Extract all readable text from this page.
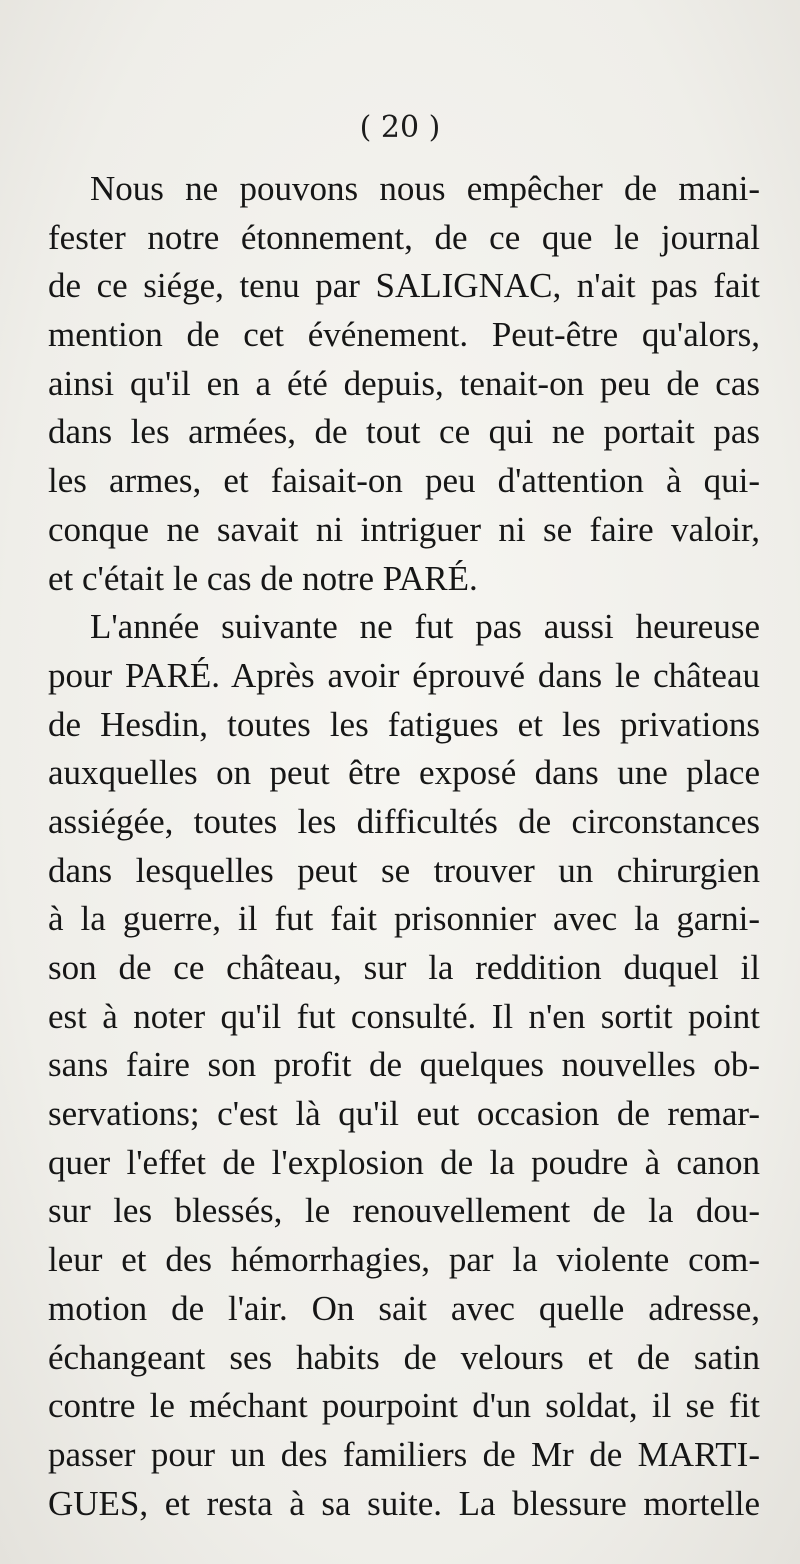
( 20 )
Nous ne pouvons nous empêcher de mani-
fester notre étonnement, de ce que le journal
de ce siége, tenu par SALIGNAC, n'ait pas fait
mention de cet événement. Peut-être qu'alors,
ainsi qu'il en a été depuis, tenait-on peu de cas
dans les armées, de tout ce qui ne portait pas
les armes, et faisait-on peu d'attention à qui-
conque ne savait ni intriguer ni se faire valoir,
et c'était le cas de notre PARÉ.
L'année suivante ne fut pas aussi heureuse
pour PARÉ. Après avoir éprouvé dans le château
de Hesdin, toutes les fatigues et les privations
auxquelles on peut être exposé dans une place
assiégée, toutes les difficultés de circonstances
dans lesquelles peut se trouver un chirurgien
à la guerre, il fut fait prisonnier avec la garni-
son de ce château, sur la reddition duquel il
est à noter qu'il fut consulté. Il n'en sortit point
sans faire son profit de quelques nouvelles ob-
servations; c'est là qu'il eut occasion de remar-
quer l'effet de l'explosion de la poudre à canon
sur les blessés, le renouvellement de la dou-
leur et des hémorrhagies, par la violente com-
motion de l'air. On sait avec quelle adresse,
échangeant ses habits de velours et de satin
contre le méchant pourpoint d'un soldat, il se fit
passer pour un des familiers de Mr de MARTI-
GUES, et resta à sa suite. La blessure mortelle
